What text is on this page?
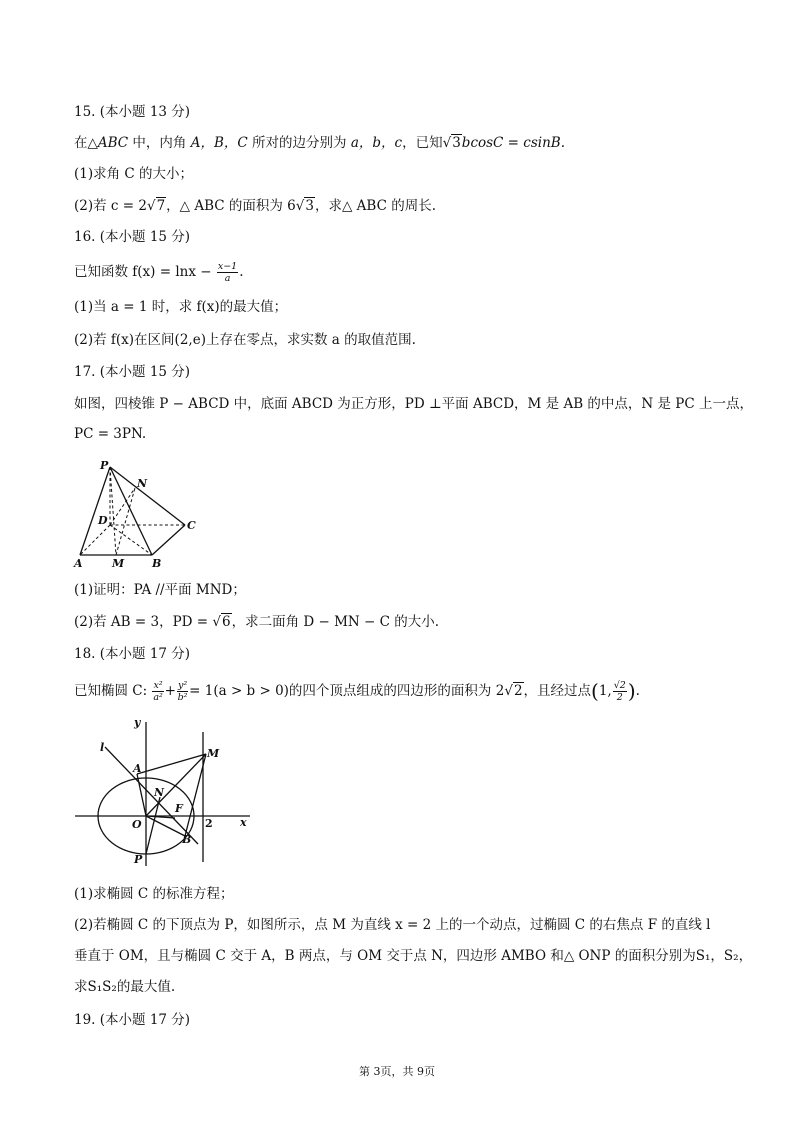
15. (本小题 13 分)
在△ABC 中，内角 A，B，C 所对的边分别为 a，b，c，已知√3bcosC = csinB.
(1)求角 C 的大小；
(2)若 c = 2√7，△ ABC 的面积为 6√3，求△ ABC 的周长.
16. (本小题 15 分)
已知函数 $f(x) = \ln x - \frac{x-1}{a}$ .
(1)当 a = 1 时，求 f(x)的最大值；
(2)若 f(x)在区间(2,e)上存在零点，求实数 a 的取值范围.
17. (本小题 15 分)
如图，四棱锥 P − ABCD 中，底面 ABCD 为正方形，PD ⊥平面 ABCD，M 是 AB 的中点，N 是 PC 上一点，
PC = 3PN.
P
N
D	C
A	M	B
(1)证明：PA //平面 MND；
(2)若 AB = 3，PD = √6，求二面角 D − MN − C 的大小.
18. (本小题 17 分)
已知椭圆 C: $\frac{\text{x²}}{\text{a²}} + \frac{\text{y²}}{\text{b²}} = 1(a > b > 0)$的四个顶点组成的四边形的面积为 2√2，且经过点(1, $\frac{√2}{2}$ ).
y
l	M
A
N
F
O	2 x
B
P
(1)求椭圆 C 的标准方程；
(2)若椭圆 C 的下顶点为 P，如图所示，点 M 为直线 x = 2 上的一个动点，过椭圆 C 的右焦点 F 的直线 l
垂直于 OM，且与椭圆 C 交于 A，B 两点，与 OM 交于点 N，四边形 AMBO 和△ ONP 的面积分别为S₁，S₂，
求S₁S₂的最大值.
19. (本小题 17 分)
第 3页，共 9页
